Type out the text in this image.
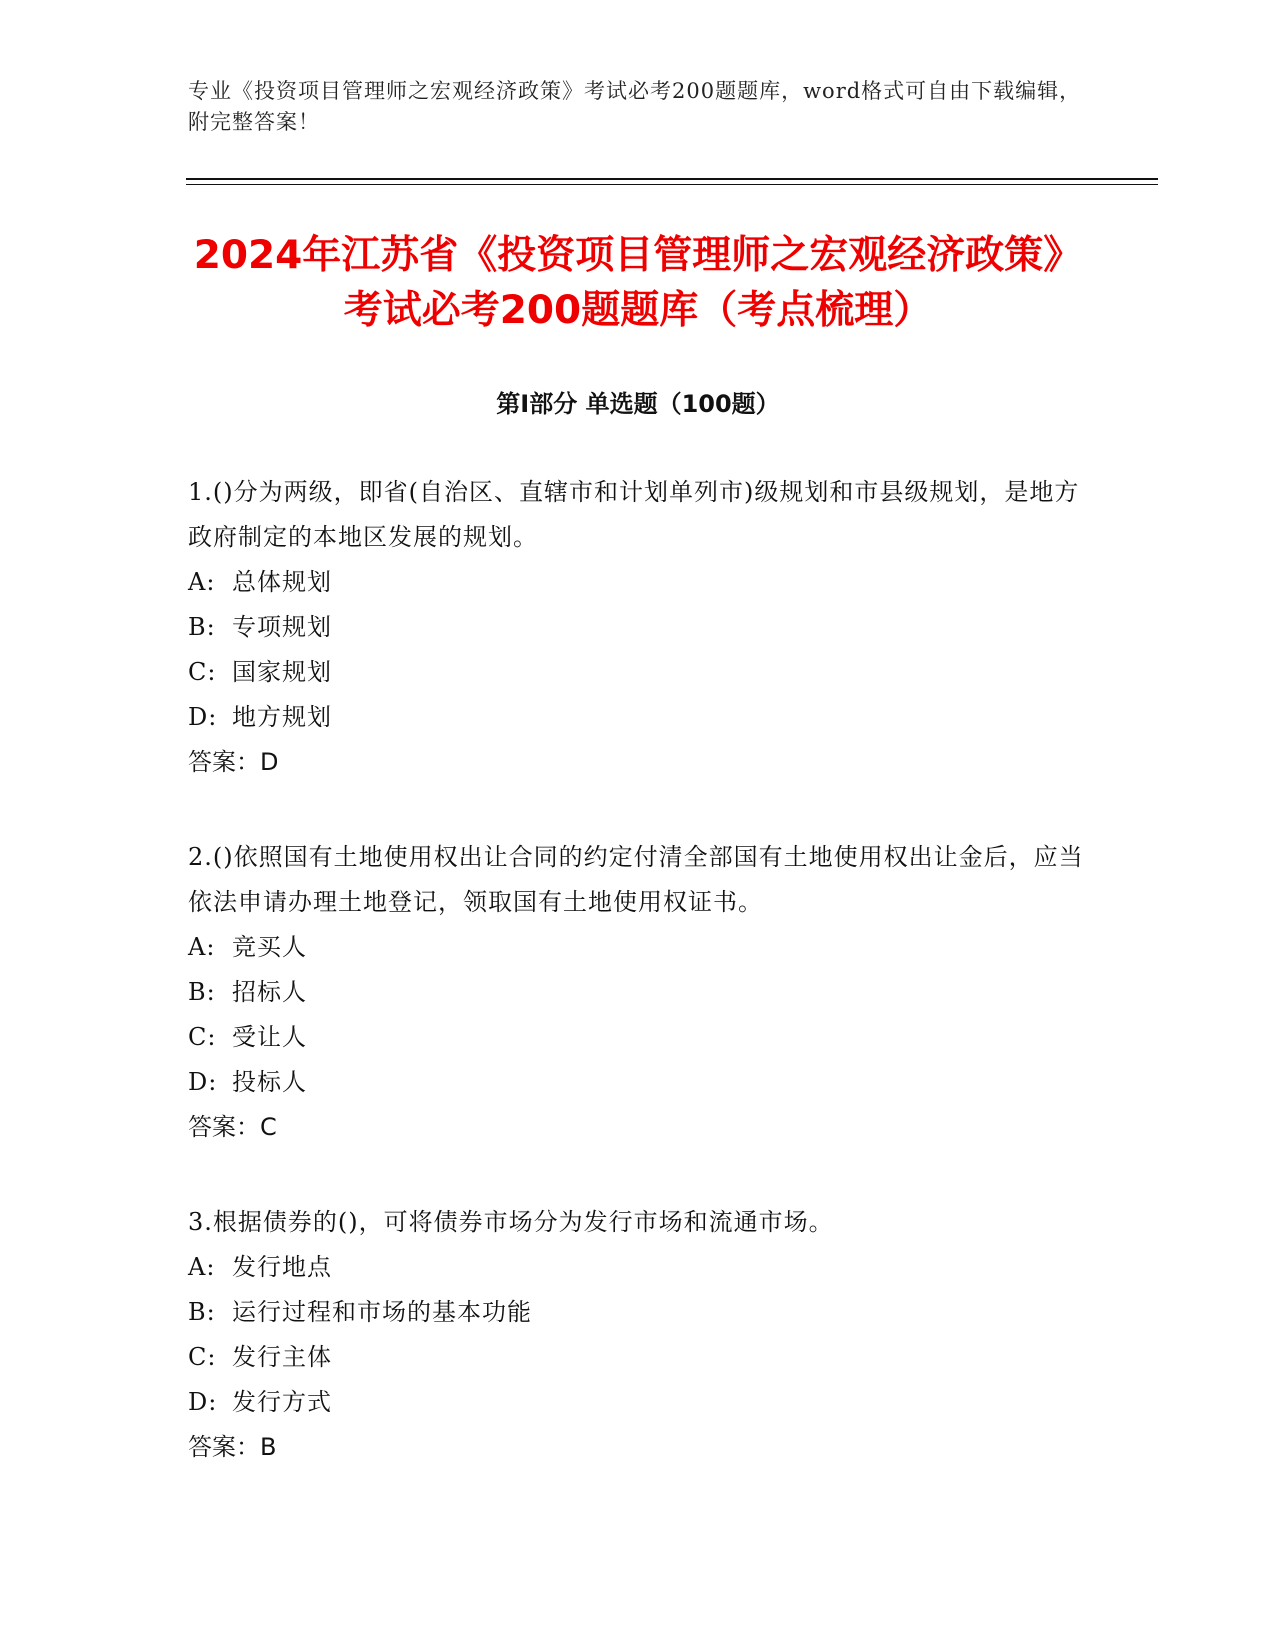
专业《投资项目管理师之宏观经济政策》考试必考200题题库，word格式可自由下载编辑，附完整答案！
2024年江苏省《投资项目管理师之宏观经济政策》考试必考200题题库（考点梳理）
第Ⅰ部分 单选题（100题）

1.()分为两级，即省(自治区、直辖市和计划单列市)级规划和市县级规划，是地方政府制定的本地区发展的规划。

A: 总体规划

B: 专项规划

C: 国家规划

D: 地方规划

答案：D

2.()依照国有土地使用权出让合同的约定付清全部国有土地使用权出让金后，应当依法申请办理土地登记，领取国有土地使用权证书。

A: 竞买人

B: 招标人

C: 受让人

D: 投标人

答案：C

3.根据债券的()，可将债券市场分为发行市场和流通市场。

A: 发行地点

B: 运行过程和市场的基本功能

C: 发行主体

D: 发行方式

答案：B
